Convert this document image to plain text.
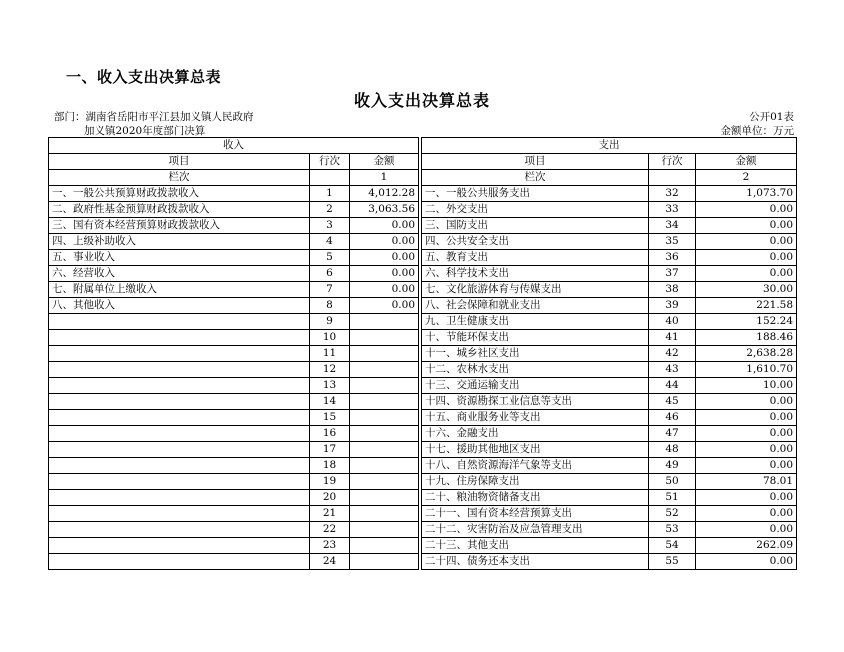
一、收入支出决算总表
收入支出决算总表
部门：湖南省岳阳市平江县加义镇人民政府	公开01表
加义镇2020年度部门决算	金额单位：万元
收入				支出		
项目	行次	金额		项目	行次	金额
栏次		1		栏次		2
一、一般公共预算财政拨款收入	1	4,012.28		一、一般公共服务支出	32	1,073.70
二、政府性基金预算财政拨款收入	2	3,063.56		二、外交支出	33	0.00
三、国有资本经营预算财政拨款收入	3	0.00		三、国防支出	34	0.00
四、上级补助收入	4	0.00		四、公共安全支出	35	0.00
五、事业收入	5	0.00		五、教育支出	36	0.00
六、经营收入	6	0.00		六、科学技术支出	37	0.00
七、附属单位上缴收入	7	0.00		七、文化旅游体育与传媒支出	38	30.00
八、其他收入	8	0.00		八、社会保障和就业支出	39	221.58
	9			九、卫生健康支出	40	152.24
	10			十、节能环保支出	41	188.46
	11			十一、城乡社区支出	42	2,638.28
	12			十二、农林水支出	43	1,610.70
	13			十三、交通运输支出	44	10.00
	14			十四、资源勘探工业信息等支出	45	0.00
	15			十五、商业服务业等支出	46	0.00
	16			十六、金融支出	47	0.00
	17			十七、援助其他地区支出	48	0.00
	18			十八、自然资源海洋气象等支出	49	0.00
	19			十九、住房保障支出	50	78.01
	20			二十、粮油物资储备支出	51	0.00
	21			二十一、国有资本经营预算支出	52	0.00
	22			二十二、灾害防治及应急管理支出	53	0.00
	23			二十三、其他支出	54	262.09
	24			二十四、债务还本支出	55	0.00
